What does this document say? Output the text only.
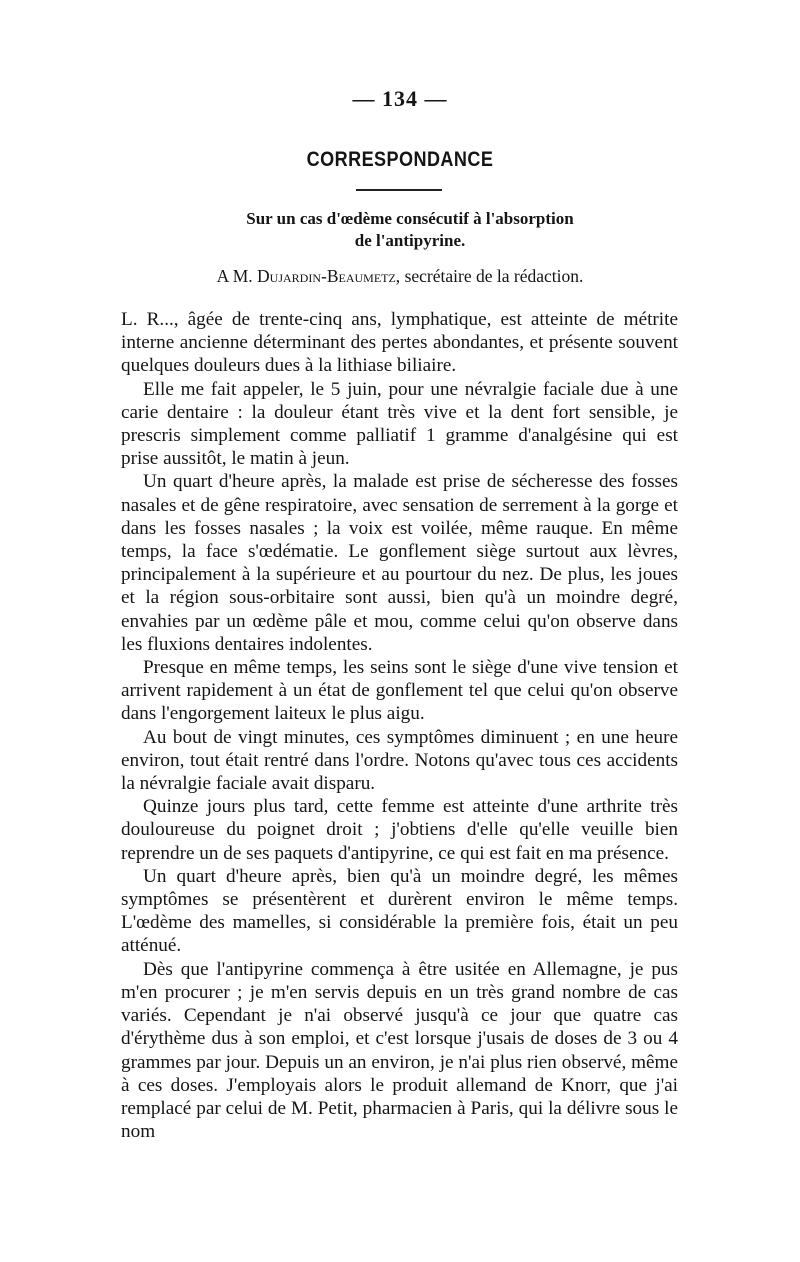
— 134 —
CORRESPONDANCE
Sur un cas d'œdème consécutif à l'absorption
de l'antipyrine.
A M. Dujardin-Beaumetz, secrétaire de la rédaction.

L. R..., âgée de trente-cinq ans, lymphatique, est atteinte de métrite interne ancienne déterminant des pertes abondantes, et présente souvent quelques douleurs dues à la lithiase biliaire.

Elle me fait appeler, le 5 juin, pour une névralgie faciale due à une carie dentaire : la douleur étant très vive et la dent fort sensible, je prescris simplement comme palliatif 1 gramme d'analgésine qui est prise aussitôt, le matin à jeun.

Un quart d'heure après, la malade est prise de sécheresse des fosses nasales et de gêne respiratoire, avec sensation de serrement à la gorge et dans les fosses nasales ; la voix est voilée, même rauque. En même temps, la face s'œdématie. Le gonflement siège surtout aux lèvres, principalement à la supérieure et au pourtour du nez. De plus, les joues et la région sous-orbitaire sont aussi, bien qu'à un moindre degré, envahies par un œdème pâle et mou, comme celui qu'on observe dans les fluxions dentaires indolentes.

Presque en même temps, les seins sont le siège d'une vive tension et arrivent rapidement à un état de gonflement tel que celui qu'on observe dans l'engorgement laiteux le plus aigu.

Au bout de vingt minutes, ces symptômes diminuent ; en une heure environ, tout était rentré dans l'ordre. Notons qu'avec tous ces accidents la névralgie faciale avait disparu.

Quinze jours plus tard, cette femme est atteinte d'une arthrite très douloureuse du poignet droit ; j'obtiens d'elle qu'elle veuille bien reprendre un de ses paquets d'antipyrine, ce qui est fait en ma présence.

Un quart d'heure après, bien qu'à un moindre degré, les mêmes symptômes se présentèrent et durèrent environ le même temps. L'œdème des mamelles, si considérable la première fois, était un peu atténué.

Dès que l'antipyrine commença à être usitée en Allemagne, je pus m'en procurer ; je m'en servis depuis en un très grand nombre de cas variés. Cependant je n'ai observé jusqu'à ce jour que quatre cas d'érythème dus à son emploi, et c'est lorsque j'usais de doses de 3 ou 4 grammes par jour. Depuis un an environ, je n'ai plus rien observé, même à ces doses. J'employais alors le produit allemand de Knorr, que j'ai remplacé par celui de M. Petit, pharmacien à Paris, qui la délivre sous le nom
